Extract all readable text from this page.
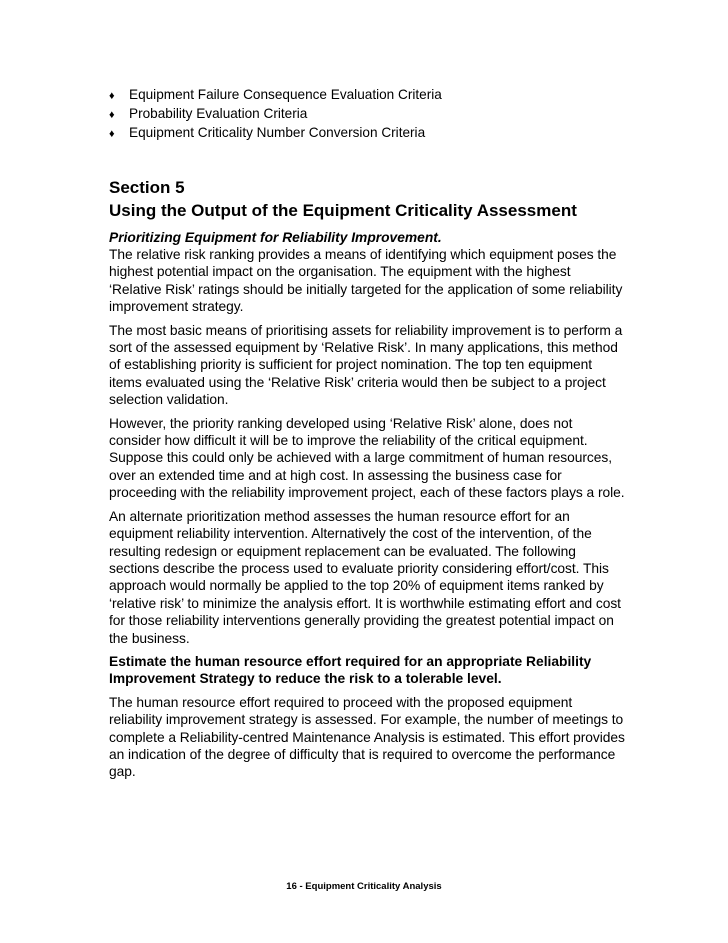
♦	Equipment Failure Consequence Evaluation Criteria
♦	Probability Evaluation Criteria
♦	Equipment Criticality Number Conversion Criteria
Section 5
Using the Output of the Equipment Criticality Assessment
Prioritizing Equipment for Reliability Improvement.

The relative risk ranking provides a means of identifying which equipment poses the highest potential impact on the organisation. The equipment with the highest ‘Relative Risk’ ratings should be initially targeted for the application of some reliability improvement strategy.

The most basic means of prioritising assets for reliability improvement is to perform a sort of the assessed equipment by ‘Relative Risk’. In many applications, this method of establishing priority is sufficient for project nomination. The top ten equipment items evaluated using the ‘Relative Risk’ criteria would then be subject to a project selection validation.

However, the priority ranking developed using ‘Relative Risk’ alone, does not consider how difficult it will be to improve the reliability of the critical equipment. Suppose this could only be achieved with a large commitment of human resources, over an extended time and at high cost. In assessing the business case for proceeding with the reliability improvement project, each of these factors plays a role.

An alternate prioritization method assesses the human resource effort for an equipment reliability intervention. Alternatively the cost of the intervention, of the resulting redesign or equipment replacement can be evaluated. The following sections describe the process used to evaluate priority considering effort/cost. This approach would normally be applied to the top 20% of equipment items ranked by ‘relative risk’ to minimize the analysis effort. It is worthwhile estimating effort and cost for those reliability interventions generally providing the greatest potential impact on the business.

Estimate the human resource effort required for an appropriate Reliability Improvement Strategy to reduce the risk to a tolerable level.

The human resource effort required to proceed with the proposed equipment reliability improvement strategy is assessed. For example, the number of meetings to complete a Reliability-centred Maintenance Analysis is estimated. This effort provides an indication of the degree of difficulty that is required to overcome the performance gap.

16 - Equipment Criticality Analysis
